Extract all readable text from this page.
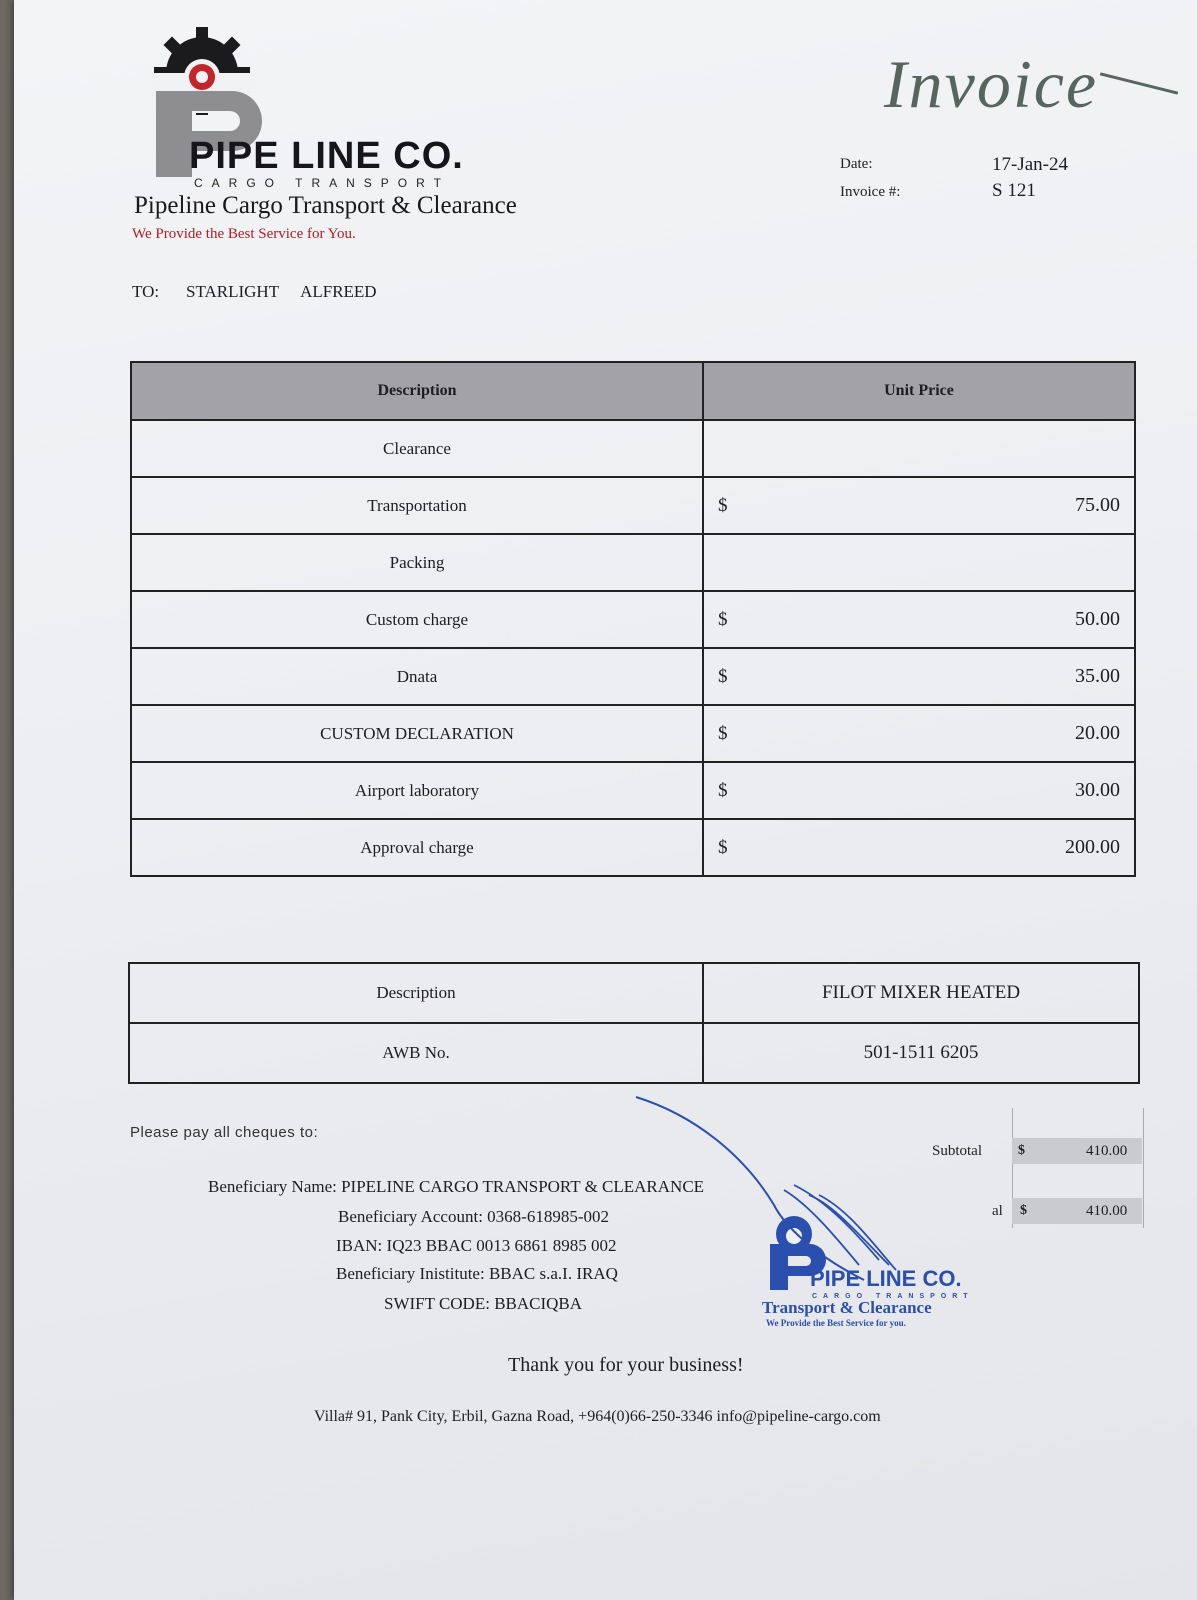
PIPE LINE CO.
CARGO TRANSPORT
Pipeline Cargo Transport & Clearance
We Provide the Best Service for You.
Invoice
Date:	17-Jan-24
Invoice #:	S 121
TO: STARLIGHT ALFREED
Description	Unit Price
Clearance	

Transportation	$ 75.00

Packing	

Custom charge	$ 50.00

Dnata	$ 35.00

CUSTOM DECLARATION	$ 20.00

Airport laboratory	$ 30.00

Approval charge	$ 200.00
Description	FILOT MIXER HEATED
AWB No.	501-1511 6205
Please pay all cheques to:
Beneficiary Name: PIPELINE CARGO TRANSPORT & CLEARANCE
Beneficiary Account: 0368-618985-002
IBAN: IQ23 BBAC 0013 6861 8985 002
Beneficiary Inistitute: BBAC s.a.I. IRAQ
SWIFT CODE: BBACIQBA
Subtotal	$	410.00
al $	410.00
PIPE LINE CO.
CARGO TRANSPORT
Transport & Clearance
We Provide the Best Service for you.
Thank you for your business!
Villa# 91, Pank City, Erbil, Gazna Road, +964(0)66-250-3346 info@pipeline-cargo.com
